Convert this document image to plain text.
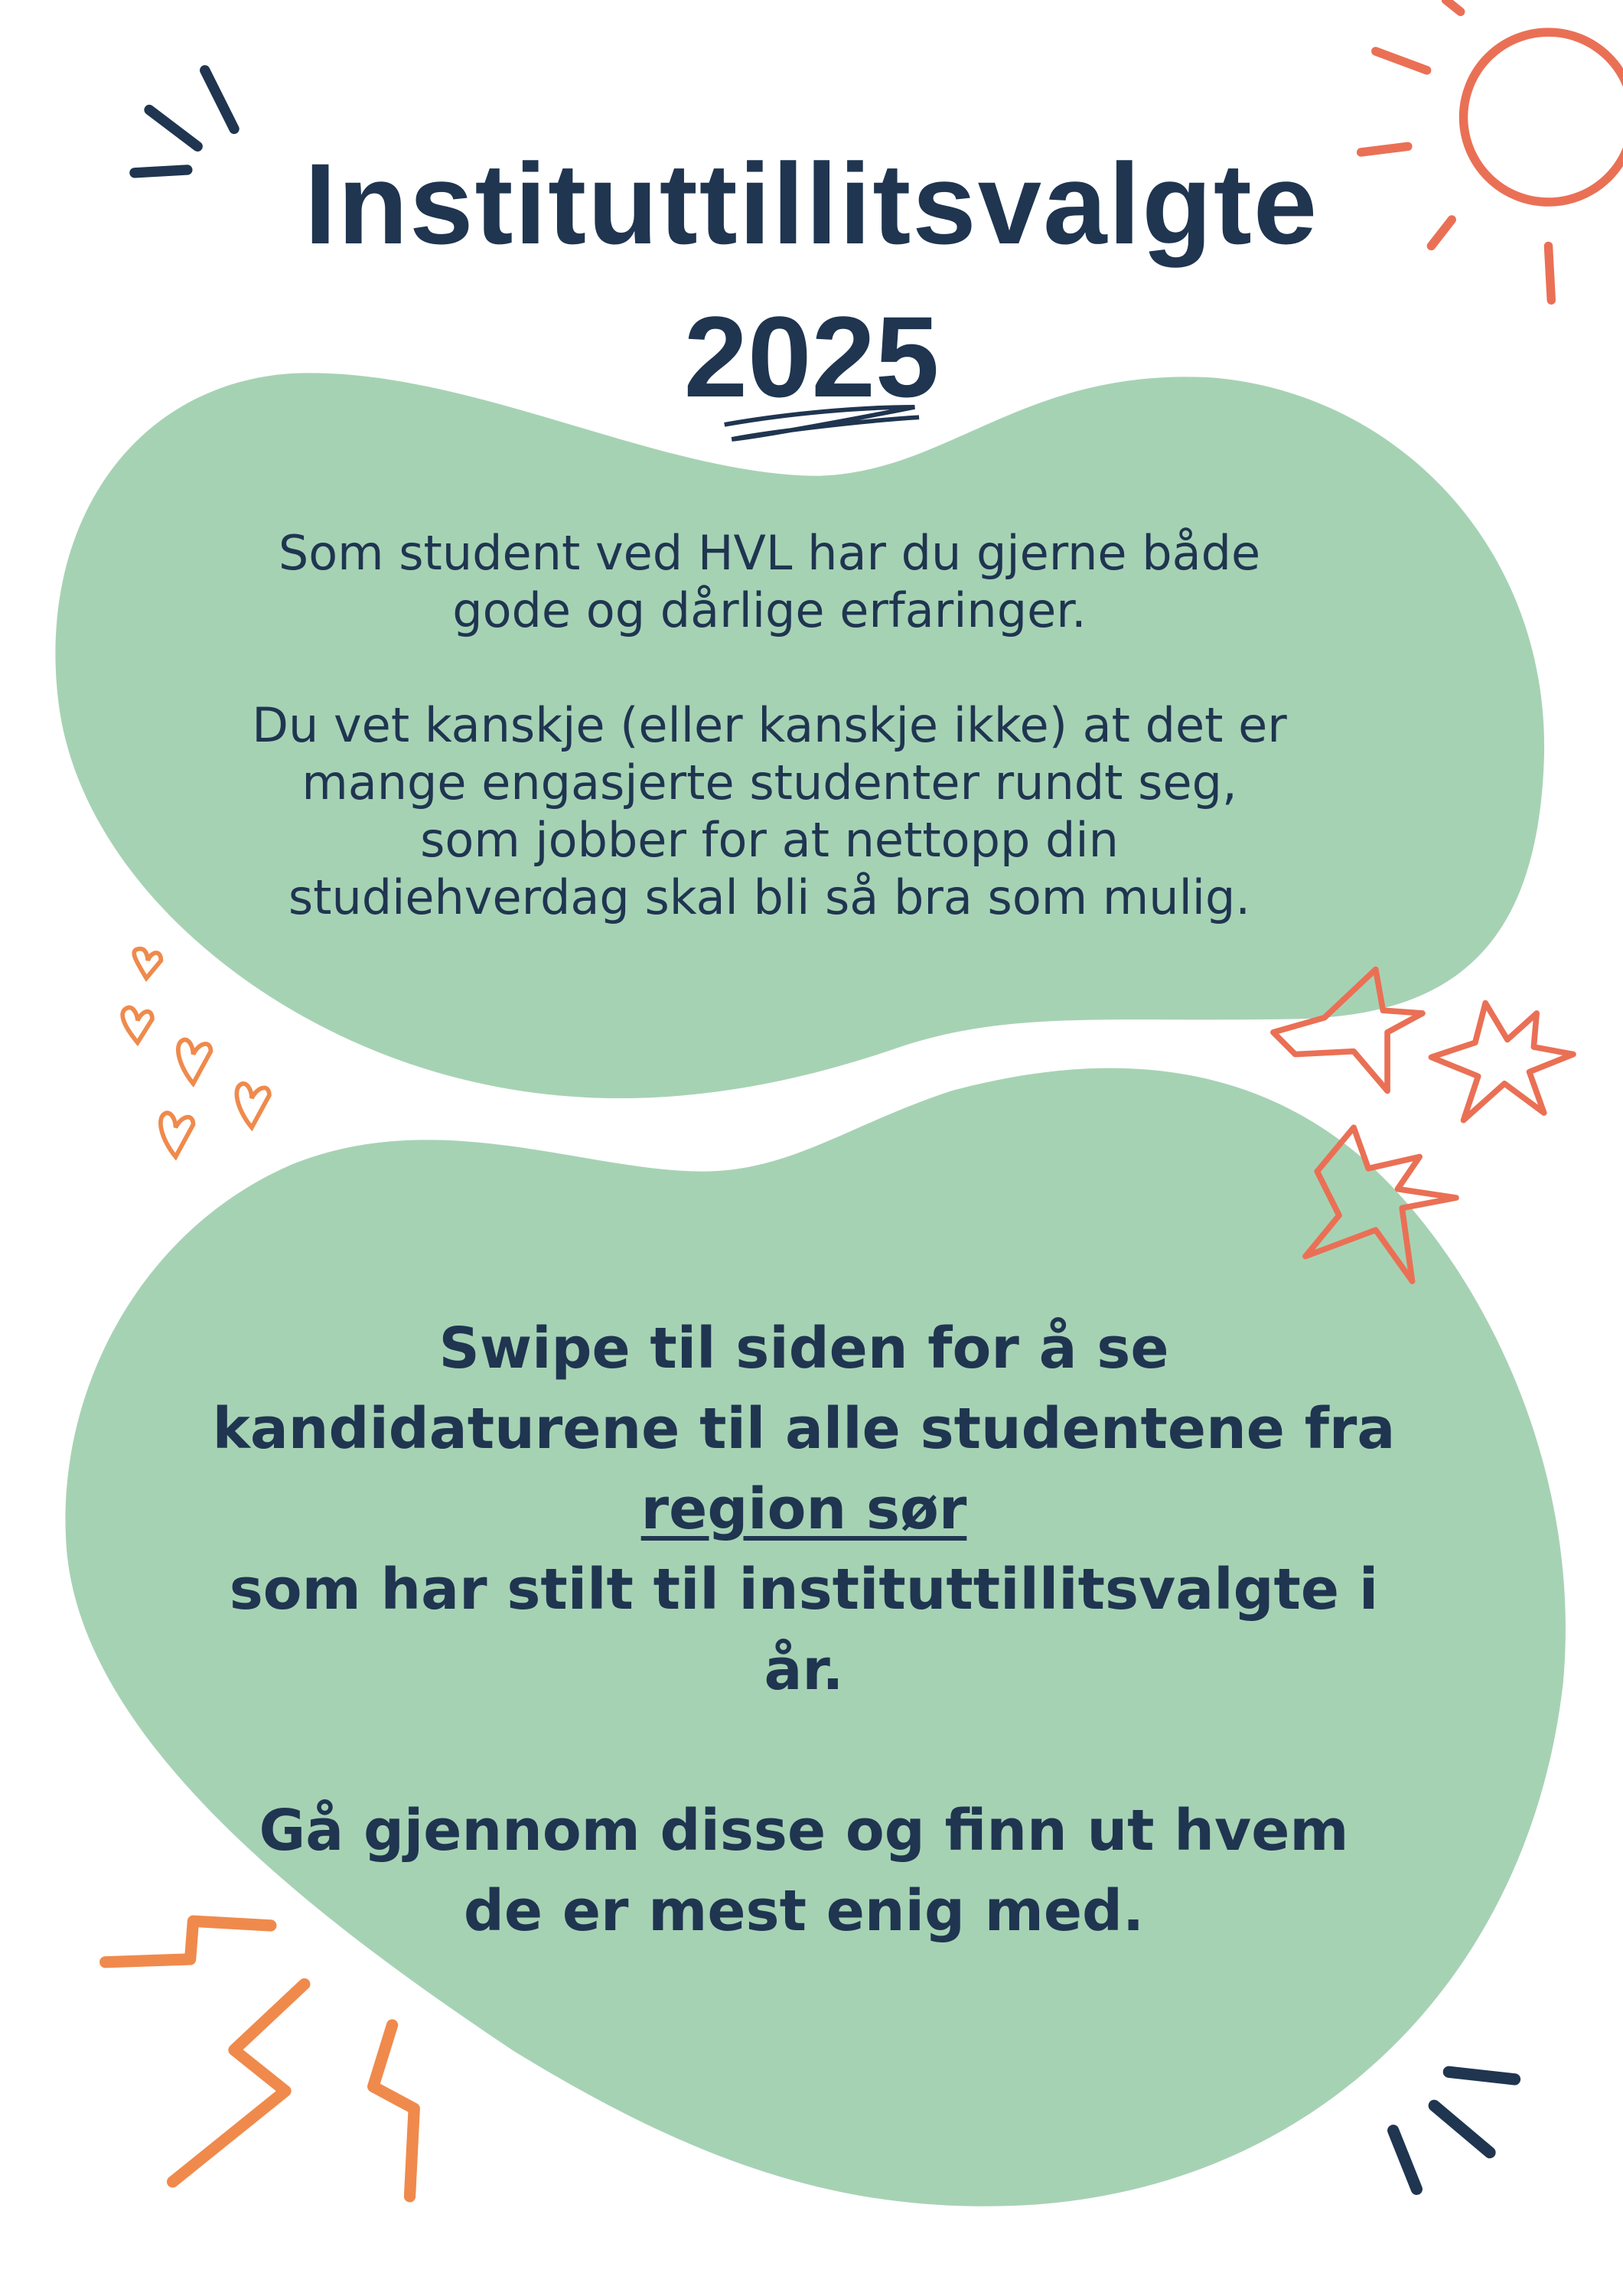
Instituttillitsvalgte
2025
Som student ved HVL har du gjerne både
gode og dårlige erfaringer.
Du vet kanskje (eller kanskje ikke) at det er
mange engasjerte studenter rundt seg,
som jobber for at nettopp din
studiehverdag skal bli så bra som mulig.
Swipe til siden for å se
kandidaturene til alle studentene fra
region sør
som har stilt til instituttillitsvalgte i
år.
Gå gjennom disse og finn ut hvem
de er mest enig med.
